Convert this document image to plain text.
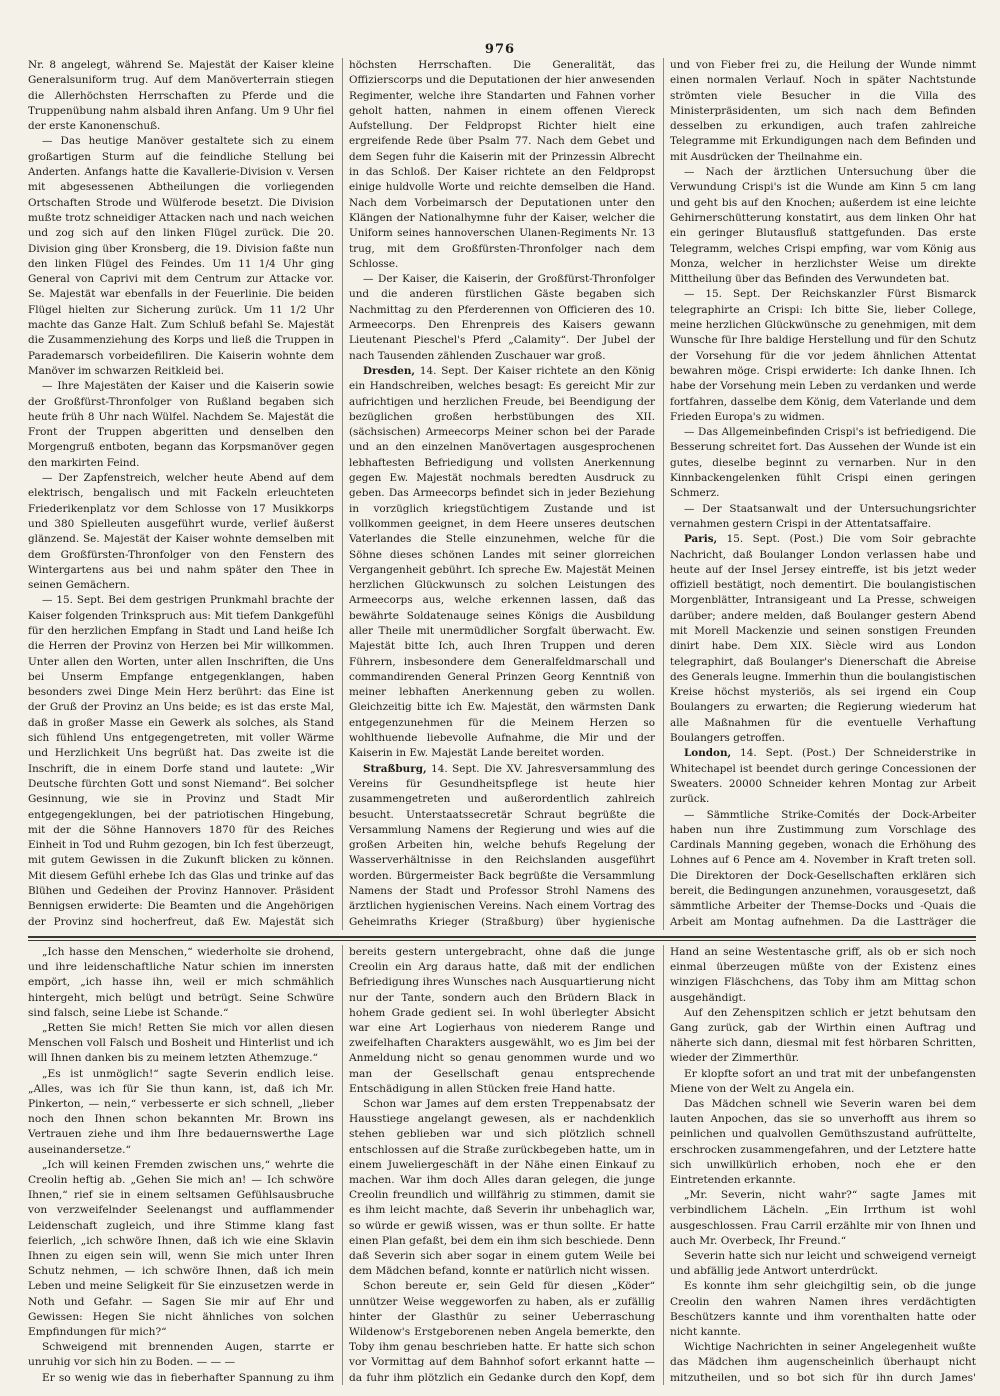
976

Nr. 8 angelegt, während Se. Majestät der Kaiser kleine Generalsuniform trug. Auf dem Manöverterrain stiegen die Allerhöchsten Herrschaften zu Pferde und die Truppenübung nahm alsbald ihren Anfang. Um 9 Uhr fiel der erste Kanonenschuß.

— Das heutige Manöver gestaltete sich zu einem großartigen Sturm auf die feindliche Stellung bei Anderten. Anfangs hatte die Kavallerie-Division v. Versen mit abgesessenen Abtheilungen die vorliegenden Ortschaften Strode und Wülferode besetzt. Die Division mußte trotz schneidiger Attacken nach und nach weichen und zog sich auf den linken Flügel zurück. Die 20. Division ging über Kronsberg, die 19. Division faßte nun den linken Flügel des Feindes. Um 11 1/4 Uhr ging General von Caprivi mit dem Centrum zur Attacke vor. Se. Majestät war ebenfalls in der Feuerlinie. Die beiden Flügel hielten zur Sicherung zurück. Um 11 1/2 Uhr machte das Ganze Halt. Zum Schluß befahl Se. Majestät die Zusammenziehung des Korps und ließ die Truppen in Parademarsch vorbeidefiliren. Die Kaiserin wohnte dem Manöver im schwarzen Reitkleid bei.

— Ihre Majestäten der Kaiser und die Kaiserin sowie der Großfürst-Thronfolger von Rußland begaben sich heute früh 8 Uhr nach Wülfel. Nachdem Se. Majestät die Front der Truppen abgeritten und denselben den Morgengruß entboten, begann das Korpsmanöver gegen den markirten Feind.

— Der Zapfenstreich, welcher heute Abend auf dem elektrisch, bengalisch und mit Fackeln erleuchteten Friederikenplatz vor dem Schlosse von 17 Musikkorps und 380 Spielleuten ausgeführt wurde, verlief äußerst glänzend. Se. Majestät der Kaiser wohnte demselben mit dem Großfürsten-Thronfolger von den Fenstern des Wintergartens aus bei und nahm später den Thee in seinen Gemächern.

— 15. Sept. Bei dem gestrigen Prunkmahl brachte der Kaiser folgenden Trinkspruch aus: Mit tiefem Dankgefühl für den herzlichen Empfang in Stadt und Land heiße Ich die Herren der Provinz von Herzen bei Mir willkommen. Unter allen den Worten, unter allen Inschriften, die Uns bei Unserm Empfange entgegenklangen, haben besonders zwei Dinge Mein Herz berührt: das Eine ist der Gruß der Provinz an Uns beide; es ist das erste Mal, daß in großer Masse ein Gewerk als solches, als Stand sich fühlend Uns entgegengetreten, mit voller Wärme und Herzlichkeit Uns begrüßt hat. Das zweite ist die Inschrift, die in einem Dorfe stand und lautete: „Wir Deutsche fürchten Gott und sonst Niemand“. Bei solcher Gesinnung, wie sie in Provinz und Stadt Mir entgegengeklungen, bei der patriotischen Hingebung, mit der die Söhne Hannovers 1870 für des Reiches Einheit in Tod und Ruhm gezogen, bin Ich fest überzeugt, mit gutem Gewissen in die Zukunft blicken zu können. Mit diesem Gefühl erhebe Ich das Glas und trinke auf das Blühen und Gedeihen der Provinz Hannover. Präsident Bennigsen erwiderte: Die Beamten und die Angehörigen der Provinz sind hocherfreut, daß Ew. Majestät sich

höchsten Herrschaften. Die Generalität, das Offizierscorps und die Deputationen der hier anwesenden Regimenter, welche ihre Standarten und Fahnen vorher geholt hatten, nahmen in einem offenen Viereck Aufstellung. Der Feldpropst Richter hielt eine ergreifende Rede über Psalm 77. Nach dem Gebet und dem Segen fuhr die Kaiserin mit der Prinzessin Albrecht in das Schloß. Der Kaiser richtete an den Feldpropst einige huldvolle Worte und reichte demselben die Hand. Nach dem Vorbeimarsch der Deputationen unter den Klängen der Nationalhymne fuhr der Kaiser, welcher die Uniform seines hannoverschen Ulanen-Regiments Nr. 13 trug, mit dem Großfürsten-Thronfolger nach dem Schlosse.

— Der Kaiser, die Kaiserin, der Großfürst-Thronfolger und die anderen fürstlichen Gäste begaben sich Nachmittag zu den Pferderennen von Officieren des 10. Armeecorps. Den Ehrenpreis des Kaisers gewann Lieutenant Pieschel's Pferd „Calamity“. Der Jubel der nach Tausenden zählenden Zuschauer war groß.

Dresden, 14. Sept. Der Kaiser richtete an den König ein Handschreiben, welches besagt: Es gereicht Mir zur aufrichtigen und herzlichen Freude, bei Beendigung der bezüglichen großen herbstübungen des XII. (sächsischen) Armeecorps Meiner schon bei der Parade und an den einzelnen Manövertagen ausgesprochenen lebhaftesten Befriedigung und vollsten Anerkennung gegen Ew. Majestät nochmals beredten Ausdruck zu geben. Das Armeecorps befindet sich in jeder Beziehung in vorzüglich kriegstüchtigem Zustande und ist vollkommen geeignet, in dem Heere unseres deutschen Vaterlandes die Stelle einzunehmen, welche für die Söhne dieses schönen Landes mit seiner glorreichen Vergangenheit gebührt. Ich spreche Ew. Majestät Meinen herzlichen Glückwunsch zu solchen Leistungen des Armeecorps aus, welche erkennen lassen, daß das bewährte Soldatenauge seines Königs die Ausbildung aller Theile mit unermüdlicher Sorgfalt überwacht. Ew. Majestät bitte Ich, auch Ihren Truppen und deren Führern, insbesondere dem Generalfeldmarschall und commandirenden General Prinzen Georg Kenntniß von meiner lebhaften Anerkennung geben zu wollen. Gleichzeitig bitte ich Ew. Majestät, den wärmsten Dank entgegenzunehmen für die Meinem Herzen so wohlthuende liebevolle Aufnahme, die Mir und der Kaiserin in Ew. Majestät Lande bereitet worden.

Straßburg, 14. Sept. Die XV. Jahresversammlung des Vereins für Gesundheitspflege ist heute hier zusammengetreten und außerordentlich zahlreich besucht. Unterstaatssecretär Schraut begrüßte die Versammlung Namens der Regierung und wies auf die großen Arbeiten hin, welche behufs Regelung der Wasserverhältnisse in den Reichslanden ausgeführt worden. Bürgermeister Back begrüßte die Versammlung Namens der Stadt und Professor Strohl Namens des ärztlichen hygienischen Vereins. Nach einem Vortrag des Geheimraths Krieger (Straßburg) über hygienische

und von Fieber frei zu, die Heilung der Wunde nimmt einen normalen Verlauf. Noch in später Nachtstunde strömten viele Besucher in die Villa des Ministerpräsidenten, um sich nach dem Befinden desselben zu erkundigen, auch trafen zahlreiche Telegramme mit Erkundigungen nach dem Befinden und mit Ausdrücken der Theilnahme ein.

— Nach der ärztlichen Untersuchung über die Verwundung Crispi's ist die Wunde am Kinn 5 cm lang und geht bis auf den Knochen; außerdem ist eine leichte Gehirnerschütterung konstatirt, aus dem linken Ohr hat ein geringer Blutausfluß stattgefunden. Das erste Telegramm, welches Crispi empfing, war vom König aus Monza, welcher in herzlichster Weise um direkte Mittheilung über das Befinden des Verwundeten bat.

— 15. Sept. Der Reichskanzler Fürst Bismarck telegraphirte an Crispi: Ich bitte Sie, lieber College, meine herzlichen Glückwünsche zu genehmigen, mit dem Wunsche für Ihre baldige Herstellung und für den Schutz der Vorsehung für die vor jedem ähnlichen Attentat bewahren möge. Crispi erwiderte: Ich danke Ihnen. Ich habe der Vorsehung mein Leben zu verdanken und werde fortfahren, dasselbe dem König, dem Vaterlande und dem Frieden Europa's zu widmen.

— Das Allgemeinbefinden Crispi's ist befriedigend. Die Besserung schreitet fort. Das Aussehen der Wunde ist ein gutes, dieselbe beginnt zu vernarben. Nur in den Kinnbackengelenken fühlt Crispi einen geringen Schmerz.

— Der Staatsanwalt und der Untersuchungsrichter vernahmen gestern Crispi in der Attentatsaffaire.

Paris, 15. Sept. (Post.) Die vom Soir gebrachte Nachricht, daß Boulanger London verlassen habe und heute auf der Insel Jersey eintreffe, ist bis jetzt weder offiziell bestätigt, noch dementirt. Die boulangistischen Morgenblätter, Intransigeant und La Presse, schweigen darüber; andere melden, daß Boulanger gestern Abend mit Morell Mackenzie und seinen sonstigen Freunden dinirt habe. Dem XIX. Siècle wird aus London telegraphirt, daß Boulanger's Dienerschaft die Abreise des Generals leugne. Immerhin thun die boulangistischen Kreise höchst mysteriös, als sei irgend ein Coup Boulangers zu erwarten; die Regierung wiederum hat alle Maßnahmen für die eventuelle Verhaftung Boulangers getroffen.

London, 14. Sept. (Post.) Der Schneiderstrike in Whitechapel ist beendet durch geringe Concessionen der Sweaters. 20000 Schneider kehren Montag zur Arbeit zurück.

— Sämmtliche Strike-Comités der Dock-Arbeiter haben nun ihre Zustimmung zum Vorschlage des Cardinals Manning gegeben, wonach die Erhöhung des Lohnes auf 6 Pence am 4. November in Kraft treten soll. Die Direktoren der Dock-Gesellschaften erklären sich bereit, die Bedingungen anzunehmen, vorausgesetzt, daß sämmtliche Arbeiter der Themse-Docks und -Quais die Arbeit am Montag aufnehmen. Da die Lastträger die

„Ich hasse den Menschen,“ wiederholte sie drohend, und ihre leidenschaftliche Natur schien im innersten empört, „ich hasse ihn, weil er mich schmählich hintergeht, mich belügt und betrügt. Seine Schwüre sind falsch, seine Liebe ist Schande.“

„Retten Sie mich! Retten Sie mich vor allen diesen Menschen voll Falsch und Bosheit und Hinterlist und ich will Ihnen danken bis zu meinem letzten Athemzuge.“

„Es ist unmöglich!“ sagte Severin endlich leise. „Alles, was ich für Sie thun kann, ist, daß ich Mr. Pinkerton, — nein,“ verbesserte er sich schnell, „lieber noch den Ihnen schon bekannten Mr. Brown ins Vertrauen ziehe und ihm Ihre bedauernswerthe Lage auseinandersetze.“

„Ich will keinen Fremden zwischen uns,“ wehrte die Creolin heftig ab. „Gehen Sie mich an! — Ich schwöre Ihnen,“ rief sie in einem seltsamen Gefühlsausbruche von verzweifelnder Seelenangst und aufflammender Leidenschaft zugleich, und ihre Stimme klang fast feierlich, „ich schwöre Ihnen, daß ich wie eine Sklavin Ihnen zu eigen sein will, wenn Sie mich unter Ihren Schutz nehmen, — ich schwöre Ihnen, daß ich mein Leben und meine Seligkeit für Sie einzusetzen werde in Noth und Gefahr. — Sagen Sie mir auf Ehr und Gewissen: Hegen Sie nicht ähnliches von solchen Empfindungen für mich?“

Schweigend mit brennenden Augen, starrte er unruhig vor sich hin zu Boden. — — —

Er so wenig wie das in fieberhafter Spannung zu ihm

bereits gestern untergebracht, ohne daß die junge Creolin ein Arg daraus hatte, daß mit der endlichen Befriedigung ihres Wunsches nach Ausquartierung nicht nur der Tante, sondern auch den Brüdern Black in hohem Grade gedient sei. In wohl überlegter Absicht war eine Art Logierhaus von niederem Range und zweifelhaften Charakters ausgewählt, wo es Jim bei der Anmeldung nicht so genau genommen wurde und wo man der Gesellschaft genau entsprechende Entschädigung in allen Stücken freie Hand hatte.

Schon war James auf dem ersten Treppenabsatz der Hausstiege angelangt gewesen, als er nachdenklich stehen geblieben war und sich plötzlich schnell entschlossen auf die Straße zurückbegeben hatte, um in einem Juweliergeschäft in der Nähe einen Einkauf zu machen. War ihm doch Alles daran gelegen, die junge Creolin freundlich und willfährig zu stimmen, damit sie es ihm leicht machte, daß Severin ihr unbehaglich war, so würde er gewiß wissen, was er thun sollte. Er hatte einen Plan gefaßt, bei dem ein ihm sich beschiede. Denn daß Severin sich aber sogar in einem gutem Weile bei dem Mädchen befand, konnte er natürlich nicht wissen.

Schon bereute er, sein Geld für diesen „Köder“ unnützer Weise weggeworfen zu haben, als er zufällig hinter der Glasthür zu seiner Ueberraschung Wildenow's Erstgeborenen neben Angela bemerkte, den Toby ihm genau beschrieben hatte. Er hatte sich schon vor Vormittag auf dem Bahnhof sofort erkannt hatte — da fuhr ihm plötzlich ein Gedanke durch den Kopf, dem

Hand an seine Westentasche griff, als ob er sich noch einmal überzeugen müßte von der Existenz eines winzigen Fläschchens, das Toby ihm am Mittag schon ausgehändigt.

Auf den Zehenspitzen schlich er jetzt behutsam den Gang zurück, gab der Wirthin einen Auftrag und näherte sich dann, diesmal mit fest hörbaren Schritten, wieder der Zimmerthür.

Er klopfte sofort an und trat mit der unbefangensten Miene von der Welt zu Angela ein.

Das Mädchen schnell wie Severin waren bei dem lauten Anpochen, das sie so unverhofft aus ihrem so peinlichen und qualvollen Gemüthszustand aufrüttelte, erschrocken zusammengefahren, und der Letztere hatte sich unwillkürlich erhoben, noch ehe er den Eintretenden erkannte.

„Mr. Severin, nicht wahr?“ sagte James mit verbindlichem Lächeln. „Ein Irrthum ist wohl ausgeschlossen. Frau Carril erzählte mir von Ihnen und auch Mr. Overbeck, Ihr Freund.“

Severin hatte sich nur leicht und schweigend verneigt und abfällig jede Antwort unterdrückt.

Es konnte ihm sehr gleichgiltig sein, ob die junge Creolin den wahren Namen ihres verdächtigten Beschützers kannte und ihm vorenthalten hatte oder nicht kannte.

Wichtige Nachrichten in seiner Angelegenheit wußte das Mädchen ihm augenscheinlich überhaupt nicht mitzutheilen, und so bot sich für ihn durch James'
